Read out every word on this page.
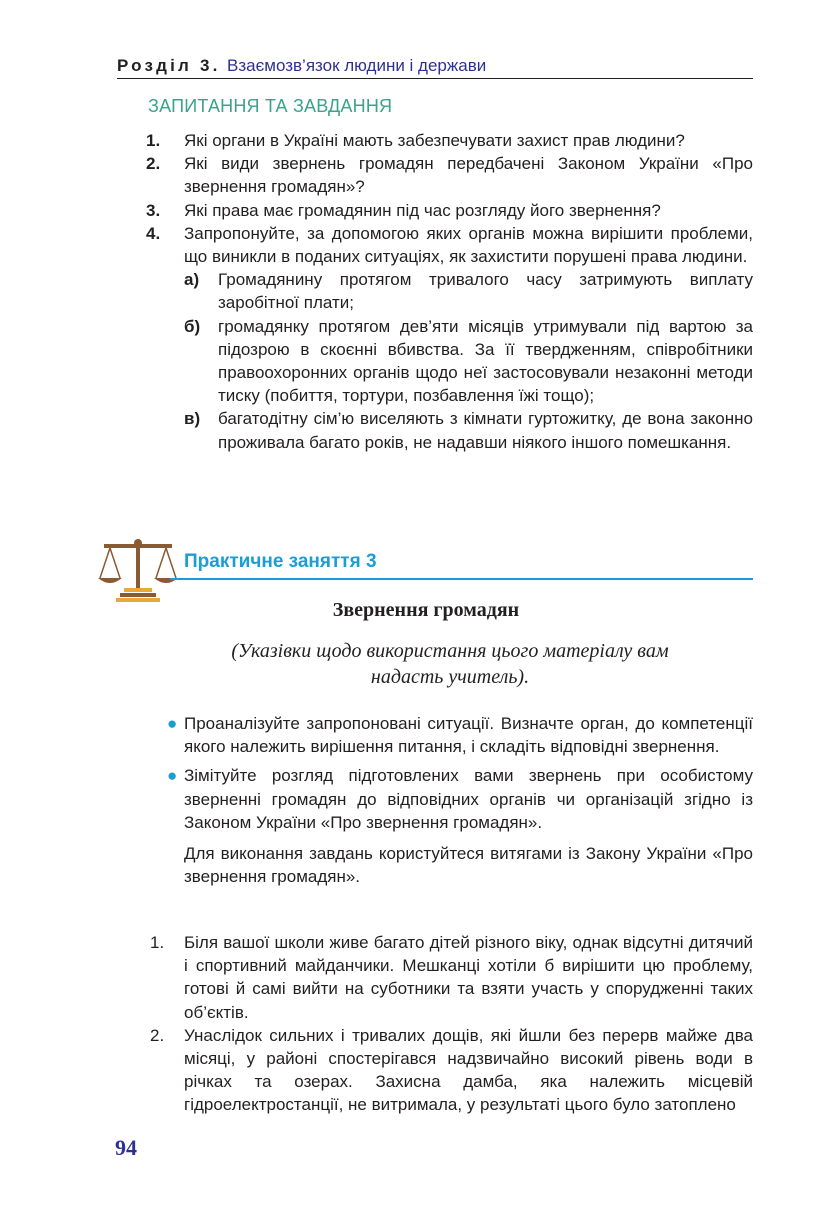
Розділ 3. Взаємозв’язок людини і держави
ЗАПИТАННЯ ТА ЗАВДАННЯ
1. Які органи в Україні мають забезпечувати захист прав людини?
2. Які види звернень громадян передбачені Законом України «Про звернення громадян»?
3. Які права має громадянин під час розгляду його звернення?
4. Запропонуйте, за допомогою яких органів можна вирішити проблеми, що виникли в поданих ситуаціях, як захистити порушені права людини.
а) Громадянину протягом тривалого часу затримують виплату заробітної плати;
б) громадянку протягом дев’яти місяців утримували під вартою за підозрою в скоєнні вбивства. За її твердженням, співробітники правоохоронних органів щодо неї застосовували незаконні методи тиску (побиття, тортури, позбавлення їжі тощо);
в) багатодітну сім’ю виселяють з кімнати гуртожитку, де вона законно проживала багато років, не надавши ніякого іншого помешкання.
Практичне заняття 3
Звернення громадян
(Указівки щодо використання цього матеріалу вам надасть учитель).
● Проаналізуйте запропоновані ситуації. Визначте орган, до компетенції якого належить вирішення питання, і складіть відповідні звернення.
● Зімітуйте розгляд підготовлених вами звернень при особистому зверненні громадян до відповідних органів чи організацій згідно із Законом України «Про звернення громадян».
Для виконання завдань користуйтеся витягами із Закону України «Про звернення громадян».
1. Біля вашої школи живе багато дітей різного віку, однак відсутні дитячий і спортивний майданчики. Мешканці хотіли б вирішити цю проблему, готові й самі вийти на суботники та взяти участь у спорудженні таких об’єктів.
2. Унаслідок сильних і тривалих дощів, які йшли без перерв майже два місяці, у районі спостерігався надзвичайно високий рівень води в річках та озерах. Захисна дамба, яка належить місцевій гідроелектростанції, не витримала, у результаті цього було затоплено
94
